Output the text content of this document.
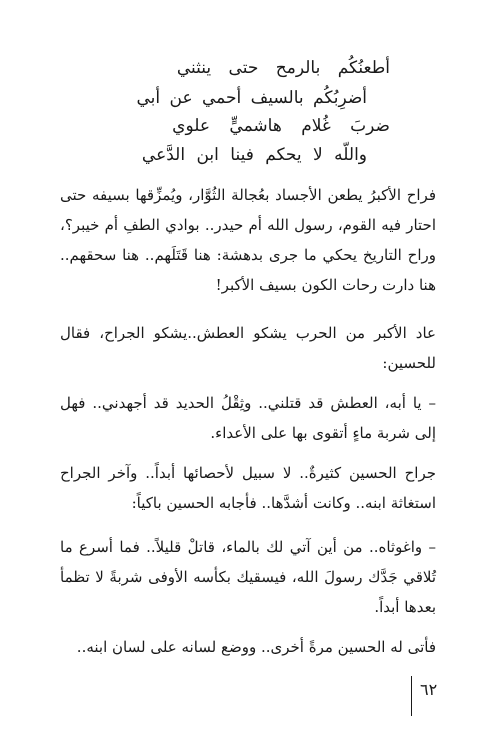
أطعنُكُم بالرمح حتى ينثني
أضرِبُكُم بالسيف أحمي عن أبي
ضربَ غُلام هاشميٍّ علوي
واللّه لا يحكم فينا ابن الدَّعي
فراح الأكبرُ يطعن الأجساد بعُجالة الثُوَّار، ويُمزِّقها بسيفه حتى احتار فيه القوم، رسول الله أم حيدر.. بوادي الطفِ أم خيبر؟، وراح التاريخ يحكي ما جرى بدهشة: هنا قَتَلَهم.. هنا سحقهم.. هنا دارت رحات الكون بسيف الأكبر!
عاد الأكبر من الحرب يشكو العطش..يشكو الجراح، فقال للحسين:
– يا أبه، العطش قد قتلني.. وثِقْلُ الحديد قد أجهدني.. فهل إلى شربة ماءٍ أتقوى بها على الأعداء.
جراح الحسين كثيرةٌ.. لا سبيل لأحصائها أبداً.. وآخر الجراح استغاثة ابنه.. وكانت أشدَّها.. فأجابه الحسين باكياً:
– واغوثاه.. من أين آتي لك بالماء، قاتلْ قليلاً.. فما أسرع ما تُلاقي جَدَّك رسولَ الله، فيسقيك بكأسه الأوفى شربةً لا تظمأ بعدها أبداً.
فأتى له الحسين مرةً أخرى.. ووضع لسانه على لسان ابنه..
٦٢
